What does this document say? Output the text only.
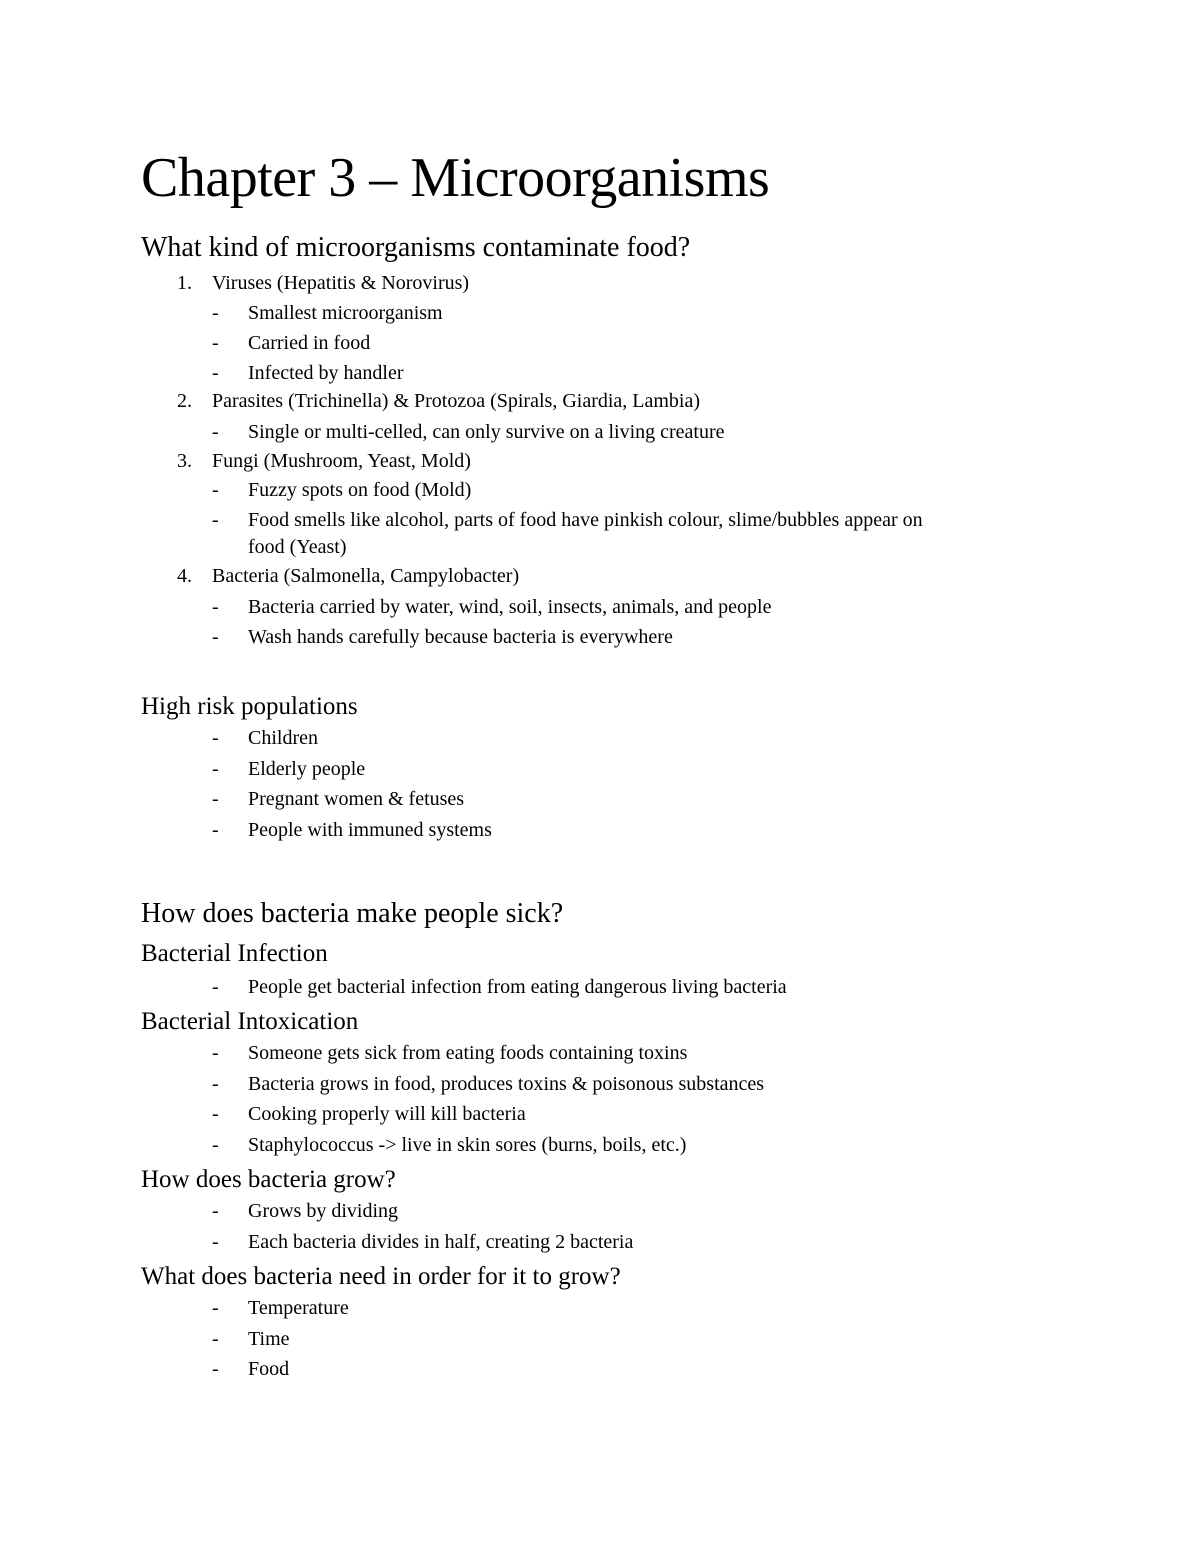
Chapter 3 – Microorganisms
What kind of microorganisms contaminate food?
1. Viruses (Hepatitis & Norovirus)
- Smallest microorganism
- Carried in food
- Infected by handler
2. Parasites (Trichinella) & Protozoa (Spirals, Giardia, Lambia)
- Single or multi-celled, can only survive on a living creature
3. Fungi (Mushroom, Yeast, Mold)
- Fuzzy spots on food (Mold)
- Food smells like alcohol, parts of food have pinkish colour, slime/bubbles appear on
food (Yeast)
4. Bacteria (Salmonella, Campylobacter)
- Bacteria carried by water, wind, soil, insects, animals, and people
- Wash hands carefully because bacteria is everywhere
High risk populations
- Children
- Elderly people
- Pregnant women & fetuses
- People with immuned systems
How does bacteria make people sick?
Bacterial Infection
- People get bacterial infection from eating dangerous living bacteria
Bacterial Intoxication
- Someone gets sick from eating foods containing toxins
- Bacteria grows in food, produces toxins & poisonous substances
- Cooking properly will kill bacteria
- Staphylococcus -> live in skin sores (burns, boils, etc.)
How does bacteria grow?
- Grows by dividing
- Each bacteria divides in half, creating 2 bacteria
What does bacteria need in order for it to grow?
- Temperature
- Time
- Food
